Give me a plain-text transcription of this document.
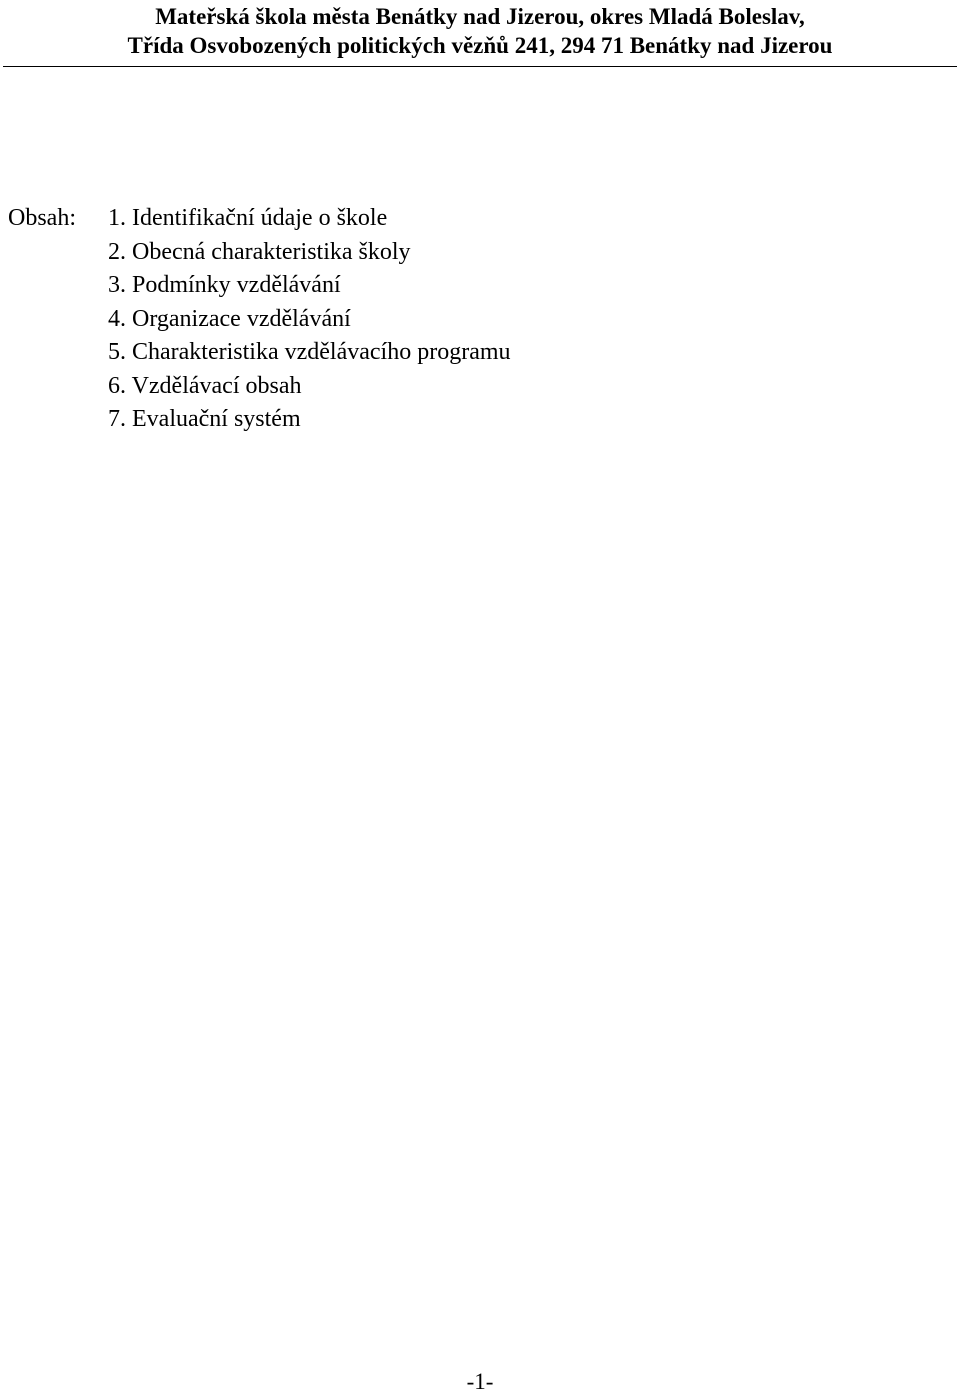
Mateřská škola města Benátky nad Jizerou, okres Mladá Boleslav,
Třída Osvobozených politických vězňů 241, 294 71 Benátky nad Jizerou
Obsah: 1. Identifikační údaje o škole
2. Obecná charakteristika školy
3. Podmínky vzdělávání
4. Organizace vzdělávání
5. Charakteristika vzdělávacího programu
6. Vzdělávací obsah
7. Evaluační systém
-1-
